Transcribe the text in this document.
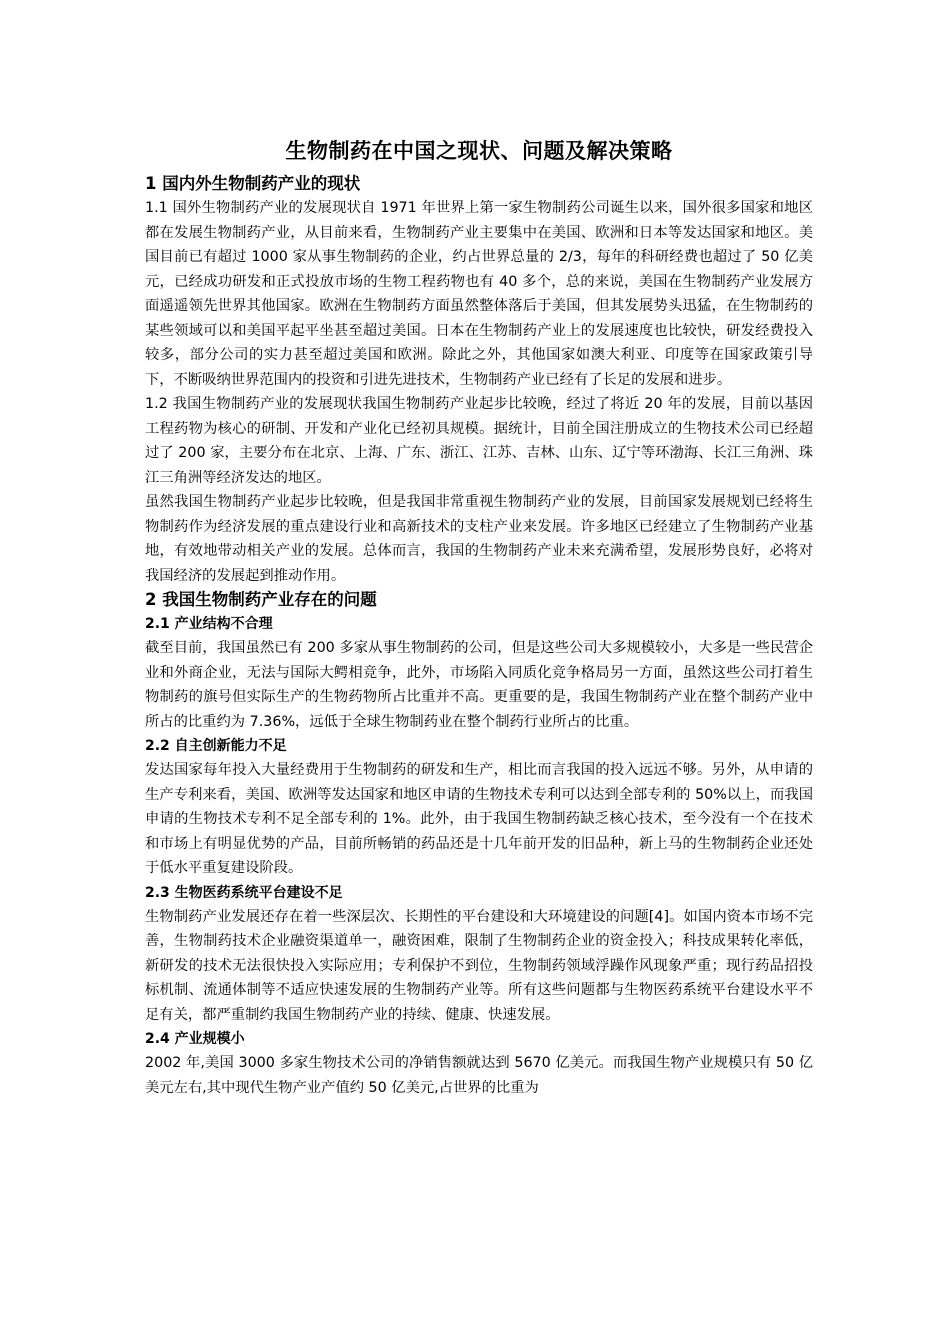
生物制药在中国之现状、问题及解决策略
1 国内外生物制药产业的现状

1.1 国外生物制药产业的发展现状自 1971 年世界上第一家生物制药公司诞生以来，国外很多国家和地区都在发展生物制药产业，从目前来看，生物制药产业主要集中在美国、欧洲和日本等发达国家和地区。美国目前已有超过 1000 家从事生物制药的企业，约占世界总量的 2/3，每年的科研经费也超过了 50 亿美元，已经成功研发和正式投放市场的生物工程药物也有 40 多个，总的来说，美国在生物制药产业发展方面遥遥领先世界其他国家。欧洲在生物制药方面虽然整体落后于美国，但其发展势头迅猛，在生物制药的某些领域可以和美国平起平坐甚至超过美国。日本在生物制药产业上的发展速度也比较快，研发经费投入较多，部分公司的实力甚至超过美国和欧洲。除此之外，其他国家如澳大利亚、印度等在国家政策引导下，不断吸纳世界范围内的投资和引进先进技术，生物制药产业已经有了长足的发展和进步。

1.2 我国生物制药产业的发展现状我国生物制药产业起步比较晚，经过了将近 20 年的发展，目前以基因工程药物为核心的研制、开发和产业化已经初具规模。据统计，目前全国注册成立的生物技术公司已经超过了 200 家，主要分布在北京、上海、广东、浙江、江苏、吉林、山东、辽宁等环渤海、长江三角洲、珠江三角洲等经济发达的地区。

虽然我国生物制药产业起步比较晚，但是我国非常重视生物制药产业的发展，目前国家发展规划已经将生物制药作为经济发展的重点建设行业和高新技术的支柱产业来发展。许多地区已经建立了生物制药产业基地，有效地带动相关产业的发展。总体而言，我国的生物制药产业未来充满希望，发展形势良好，必将对我国经济的发展起到推动作用。

2 我国生物制药产业存在的问题
2.1 产业结构不合理

截至目前，我国虽然已有 200 多家从事生物制药的公司，但是这些公司大多规模较小，大多是一些民营企业和外商企业，无法与国际大鳄相竞争，此外，市场陷入同质化竞争格局另一方面，虽然这些公司打着生物制药的旗号但实际生产的生物药物所占比重并不高。更重要的是，我国生物制药产业在整个制药产业中所占的比重约为 7.36%，远低于全球生物制药业在整个制药行业所占的比重。

2.2 自主创新能力不足

发达国家每年投入大量经费用于生物制药的研发和生产，相比而言我国的投入远远不够。另外，从申请的生产专利来看，美国、欧洲等发达国家和地区申请的生物技术专利可以达到全部专利的 50%以上，而我国申请的生物技术专利不足全部专利的 1%。此外，由于我国生物制药缺乏核心技术，至今没有一个在技术和市场上有明显优势的产品，目前所畅销的药品还是十几年前开发的旧品种，新上马的生物制药企业还处于低水平重复建设阶段。

2.3 生物医药系统平台建设不足

生物制药产业发展还存在着一些深层次、长期性的平台建设和大环境建设的问题[4]。如国内资本市场不完善，生物制药技术企业融资渠道单一，融资困难，限制了生物制药企业的资金投入；科技成果转化率低，新研发的技术无法很快投入实际应用；专利保护不到位，生物制药领域浮躁作风现象严重；现行药品招投标机制、流通体制等不适应快速发展的生物制药产业等。所有这些问题都与生物医药系统平台建设水平不足有关，都严重制约我国生物制药产业的持续、健康、快速发展。

2.4 产业规模小

2002 年,美国 3000 多家生物技术公司的净销售额就达到 5670 亿美元。而我国生物产业规模只有 50 亿美元左右,其中现代生物产业产值约 50 亿美元,占世界的比重为
